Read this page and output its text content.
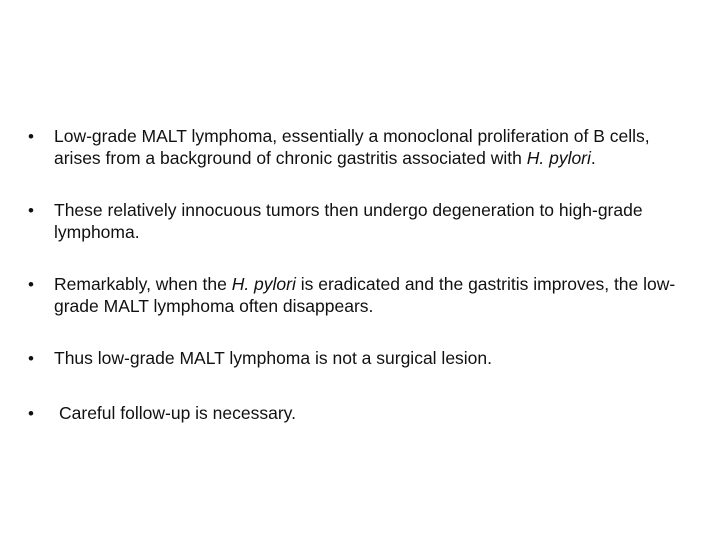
• Low-grade MALT lymphoma, essentially a monoclonal proliferation of B cells, arises from a background of chronic gastritis associated with H. pylori.
• These relatively innocuous tumors then undergo degeneration to high-grade lymphoma.
• Remarkably, when the H. pylori is eradicated and the gastritis improves, the low-grade MALT lymphoma often disappears.
• Thus low-grade MALT lymphoma is not a surgical lesion.
• Careful follow-up is necessary.
